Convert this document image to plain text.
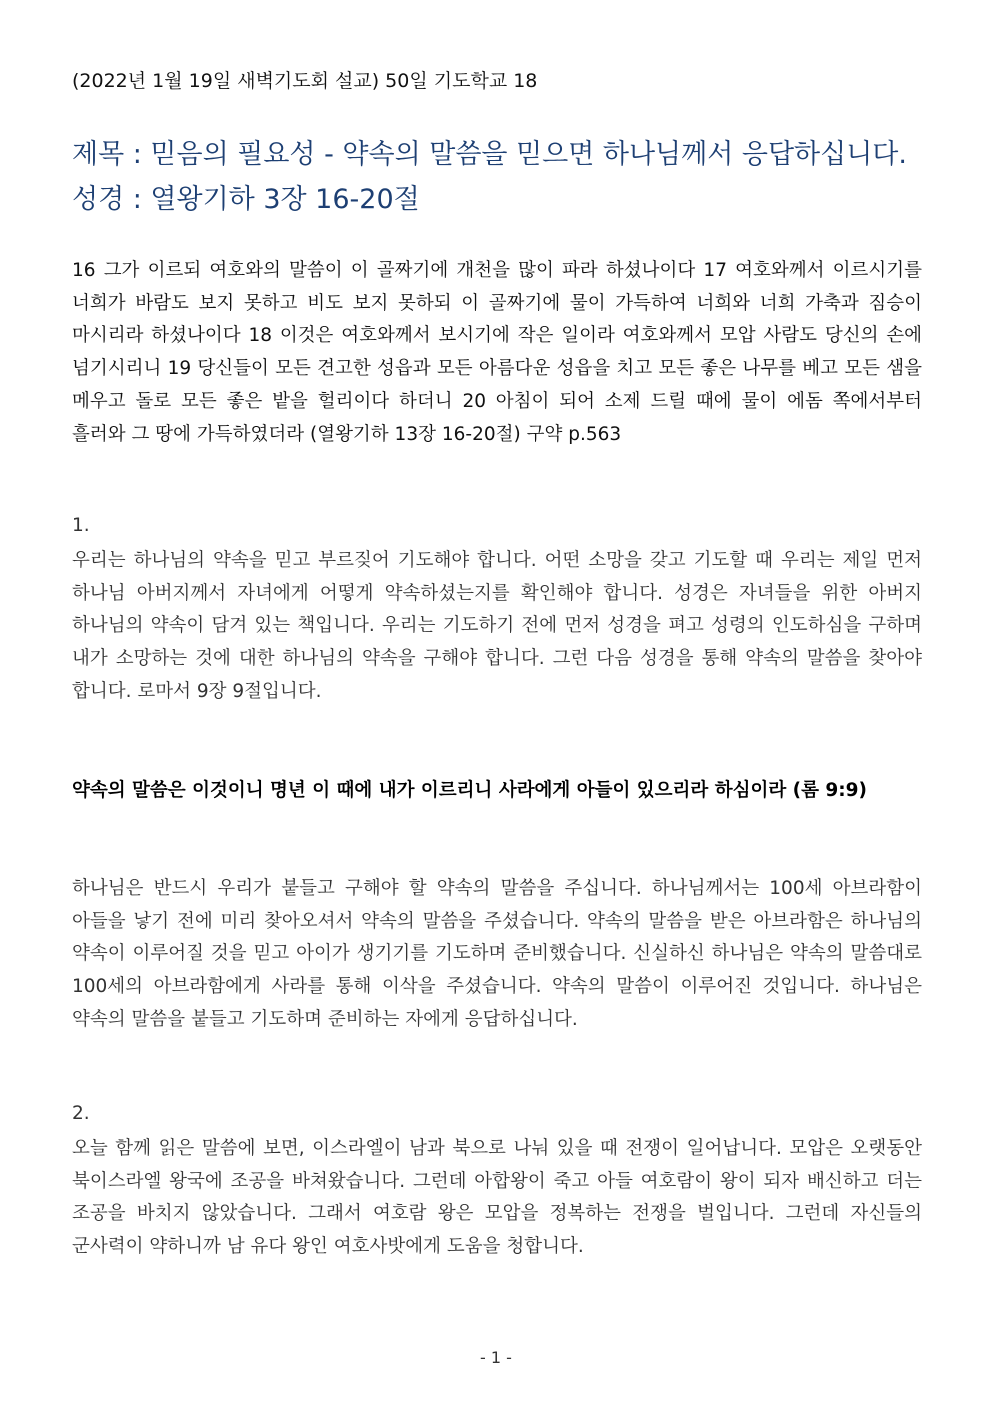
(2022년 1월 19일 새벽기도회 설교) 50일 기도학교 18
제목 : 믿음의 필요성 - 약속의 말씀을 믿으면 하나님께서 응답하십니다.
성경 : 열왕기하 3장 16-20절
16 그가 이르되 여호와의 말씀이 이 골짜기에 개천을 많이 파라 하셨나이다 17 여호와께서 이르시기를 너희가 바람도 보지 못하고 비도 보지 못하되 이 골짜기에 물이 가득하여 너희와 너희 가축과 짐승이 마시리라 하셨나이다 18 이것은 여호와께서 보시기에 작은 일이라 여호와께서 모압 사람도 당신의 손에 넘기시리니 19 당신들이 모든 견고한 성읍과 모든 아름다운 성읍을 치고 모든 좋은 나무를 베고 모든 샘을 메우고 돌로 모든 좋은 밭을 헐리이다 하더니 20 아침이 되어 소제 드릴 때에 물이 에돔 쪽에서부터 흘러와 그 땅에 가득하였더라 (열왕기하 13장 16-20절) 구약 p.563
1.
우리는 하나님의 약속을 믿고 부르짖어 기도해야 합니다. 어떤 소망을 갖고 기도할 때 우리는 제일 먼저 하나님 아버지께서 자녀에게 어떻게 약속하셨는지를 확인해야 합니다. 성경은 자녀들을 위한 아버지 하나님의 약속이 담겨 있는 책입니다. 우리는 기도하기 전에 먼저 성경을 펴고 성령의 인도하심을 구하며 내가 소망하는 것에 대한 하나님의 약속을 구해야 합니다. 그런 다음 성경을 통해 약속의 말씀을 찾아야 합니다. 로마서 9장 9절입니다.
약속의 말씀은 이것이니 명년 이 때에 내가 이르리니 사라에게 아들이 있으리라 하심이라 (롬 9:9)
하나님은 반드시 우리가 붙들고 구해야 할 약속의 말씀을 주십니다. 하나님께서는 100세 아브라함이 아들을 낳기 전에 미리 찾아오셔서 약속의 말씀을 주셨습니다. 약속의 말씀을 받은 아브라함은 하나님의 약속이 이루어질 것을 믿고 아이가 생기기를 기도하며 준비했습니다. 신실하신 하나님은 약속의 말씀대로 100세의 아브라함에게 사라를 통해 이삭을 주셨습니다. 약속의 말씀이 이루어진 것입니다. 하나님은 약속의 말씀을 붙들고 기도하며 준비하는 자에게 응답하십니다.
2.
오늘 함께 읽은 말씀에 보면, 이스라엘이 남과 북으로 나눠 있을 때 전쟁이 일어납니다. 모압은 오랫동안 북이스라엘 왕국에 조공을 바쳐왔습니다. 그런데 아합왕이 죽고 아들 여호람이 왕이 되자 배신하고 더는 조공을 바치지 않았습니다. 그래서 여호람 왕은 모압을 정복하는 전쟁을 벌입니다. 그런데 자신들의 군사력이 약하니까 남 유다 왕인 여호사밧에게 도움을 청합니다.
- 1 -
